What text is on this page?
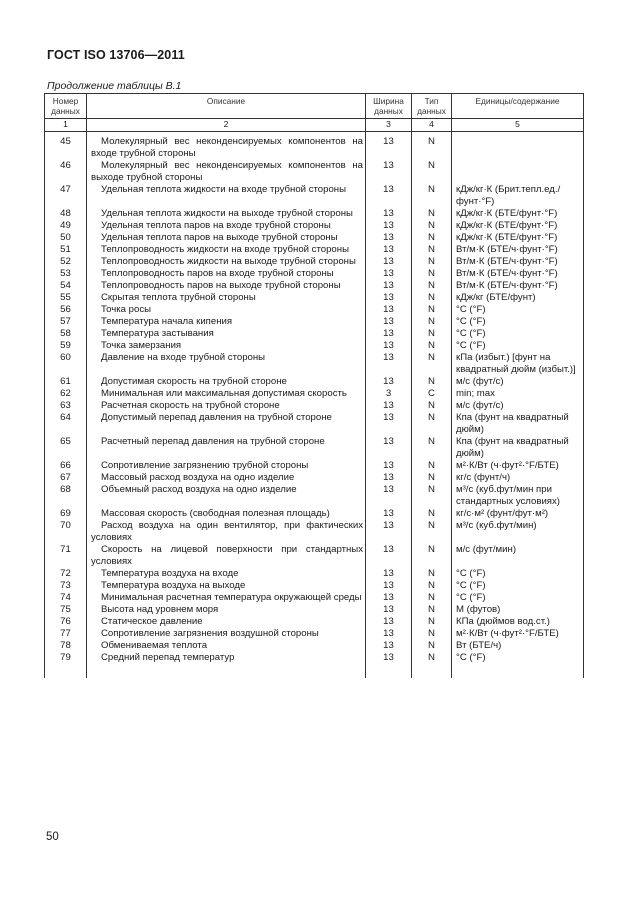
ГОСТ ISO 13706—2011
Продолжение таблицы В.1
Номер данных	Описание	Ширина данных	Тип данных	Единицы/содержание
1	2	3	4	5
45	Молекулярный вес неконденсируемых компонентов на входе трубной стороны	13	N	
46	Молекулярный вес неконденсируемых компонентов на выходе трубной стороны	13	N	
47	Удельная теплота жидкости на входе трубной стороны	13	N	кДж/кг·К (Брит.тепл.ед./фунт·°F)
48	Удельная теплота жидкости на выходе трубной стороны	13	N	кДж/кг·К (БТЕ/фунт·°F)
49	Удельная теплота паров на входе трубной стороны	13	N	кДж/кг·К (БТЕ/фунт·°F)
50	Удельная теплота паров на выходе трубной стороны	13	N	кДж/кг·К (БТЕ/фунт·°F)
51	Теплопроводность жидкости на входе трубной стороны	13	N	Вт/м·К (БТЕ/ч·фунт·°F)
52	Теплопроводность жидкости на выходе трубной стороны	13	N	Вт/м·К (БТЕ/ч·фунт·°F)
53	Теплопроводность паров на входе трубной стороны	13	N	Вт/м·К (БТЕ/ч·фунт·°F)
54	Теплопроводность паров на выходе трубной стороны	13	N	Вт/м·К (БТЕ/ч·фунт·°F)
55	Скрытая теплота трубной стороны	13	N	кДж/кг (БТЕ/фунт)
56	Точка росы	13	N	°С (°F)
57	Температура начала кипения	13	N	°С (°F)
58	Температура застывания	13	N	°С (°F)
59	Точка замерзания	13	N	°С (°F)
60	Давление на входе трубной стороны	13	N	кПа (избыт.) [фунт на квадратный дюйм (избыт.)]
61	Допустимая скорость на трубной стороне	13	N	м/с (фут/с)
62	Минимальная или максимальная допустимая скорость	3	C	min; max
63	Расчетная скорость на трубной стороне	13	N	м/с (фут/с)
64	Допустимый перепад давления на трубной стороне	13	N	Кпа (фунт на квадратный дюйм)
65	Расчетный перепад давления на трубной стороне	13	N	Кпа (фунт на квадратный дюйм)
66	Сопротивление загрязнению трубной стороны	13	N	м²·К/Вт (ч·фут²·°F/БТЕ)
67	Массовый расход воздуха на одно изделие	13	N	кг/с (фунт/ч)
68	Объемный расход воздуха на одно изделие	13	N	м³/с (куб.фут/мин при стандартных условиях)
69	Массовая скорость (свободная полезная площадь)	13	N	кг/с·м² (фунт/фут·м²)
70	Расход воздуха на один вентилятор, при фактических условиях	13	N	м³/с (куб.фут/мин)
71	Скорость на лицевой поверхности при стандартных условиях	13	N	м/с (фут/мин)
72	Температура воздуха на входе	13	N	°С (°F)
73	Температура воздуха на выходе	13	N	°С (°F)
74	Минимальная расчетная температура окружающей среды	13	N	°С (°F)
75	Высота над уровнем моря	13	N	М (футов)
76	Статическое давление	13	N	КПа (дюймов вод.ст.)
77	Сопротивление загрязнения воздушной стороны	13	N	м²·К/Вт (ч·фут²·°F/БТЕ)
78	Обмениваемая теплота	13	N	Вт (БТЕ/ч)
79	Средний перепад температур	13	N	°С (°F)

50
